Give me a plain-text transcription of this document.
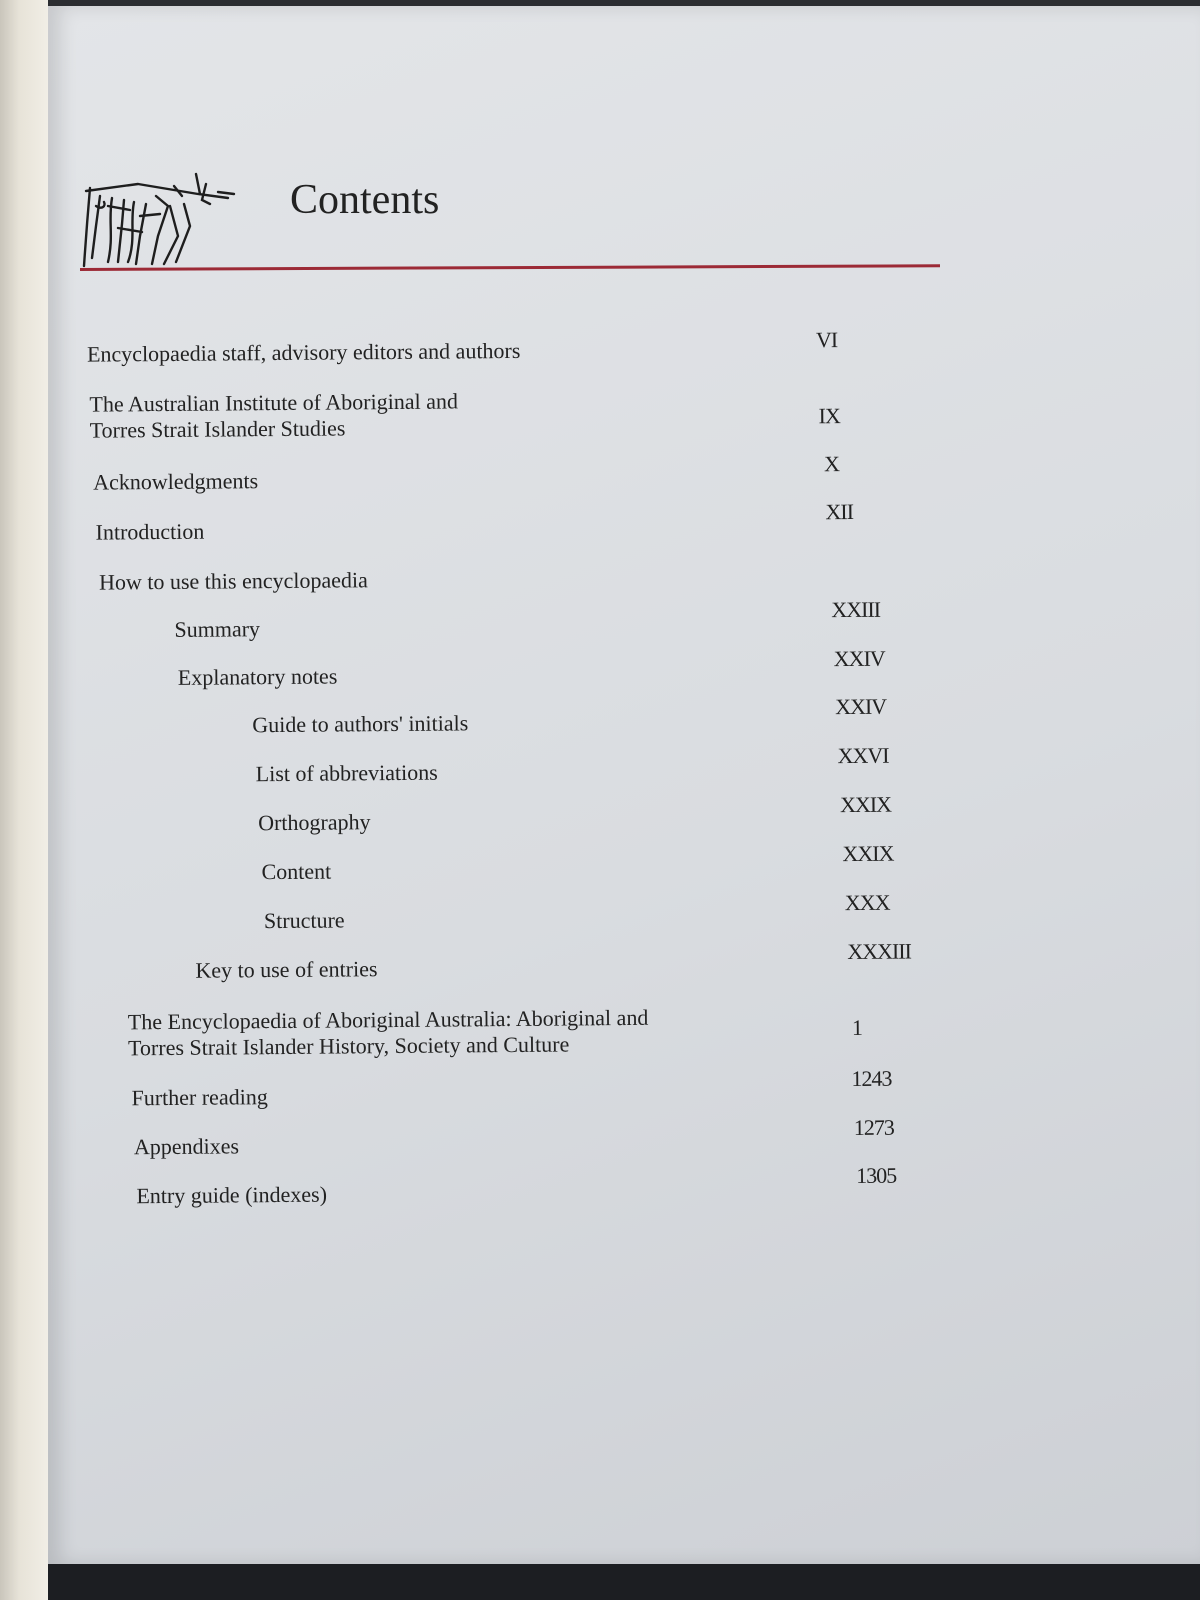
Contents
Encyclopaedia staff, advisory editors and authors	VI
The Australian Institute of Aboriginal and
Torres Strait Islander Studies	IX
Acknowledgments
X
Introduction
XII
How to use this encyclopaedia
Summary
XXIII
Explanatory notes
XXIV
Guide to authors' initials
XXIV
List of abbreviations
XXVI
Orthography
XXIX
Content
XXIX
Structure
XXX
Key to use of entries
XXXIII
The Encyclopaedia of Aboriginal Australia: Aboriginal and
Torres Strait Islander History, Society and Culture
1
Further reading
1243
Appendixes
1273
Entry guide (indexes)
1305
